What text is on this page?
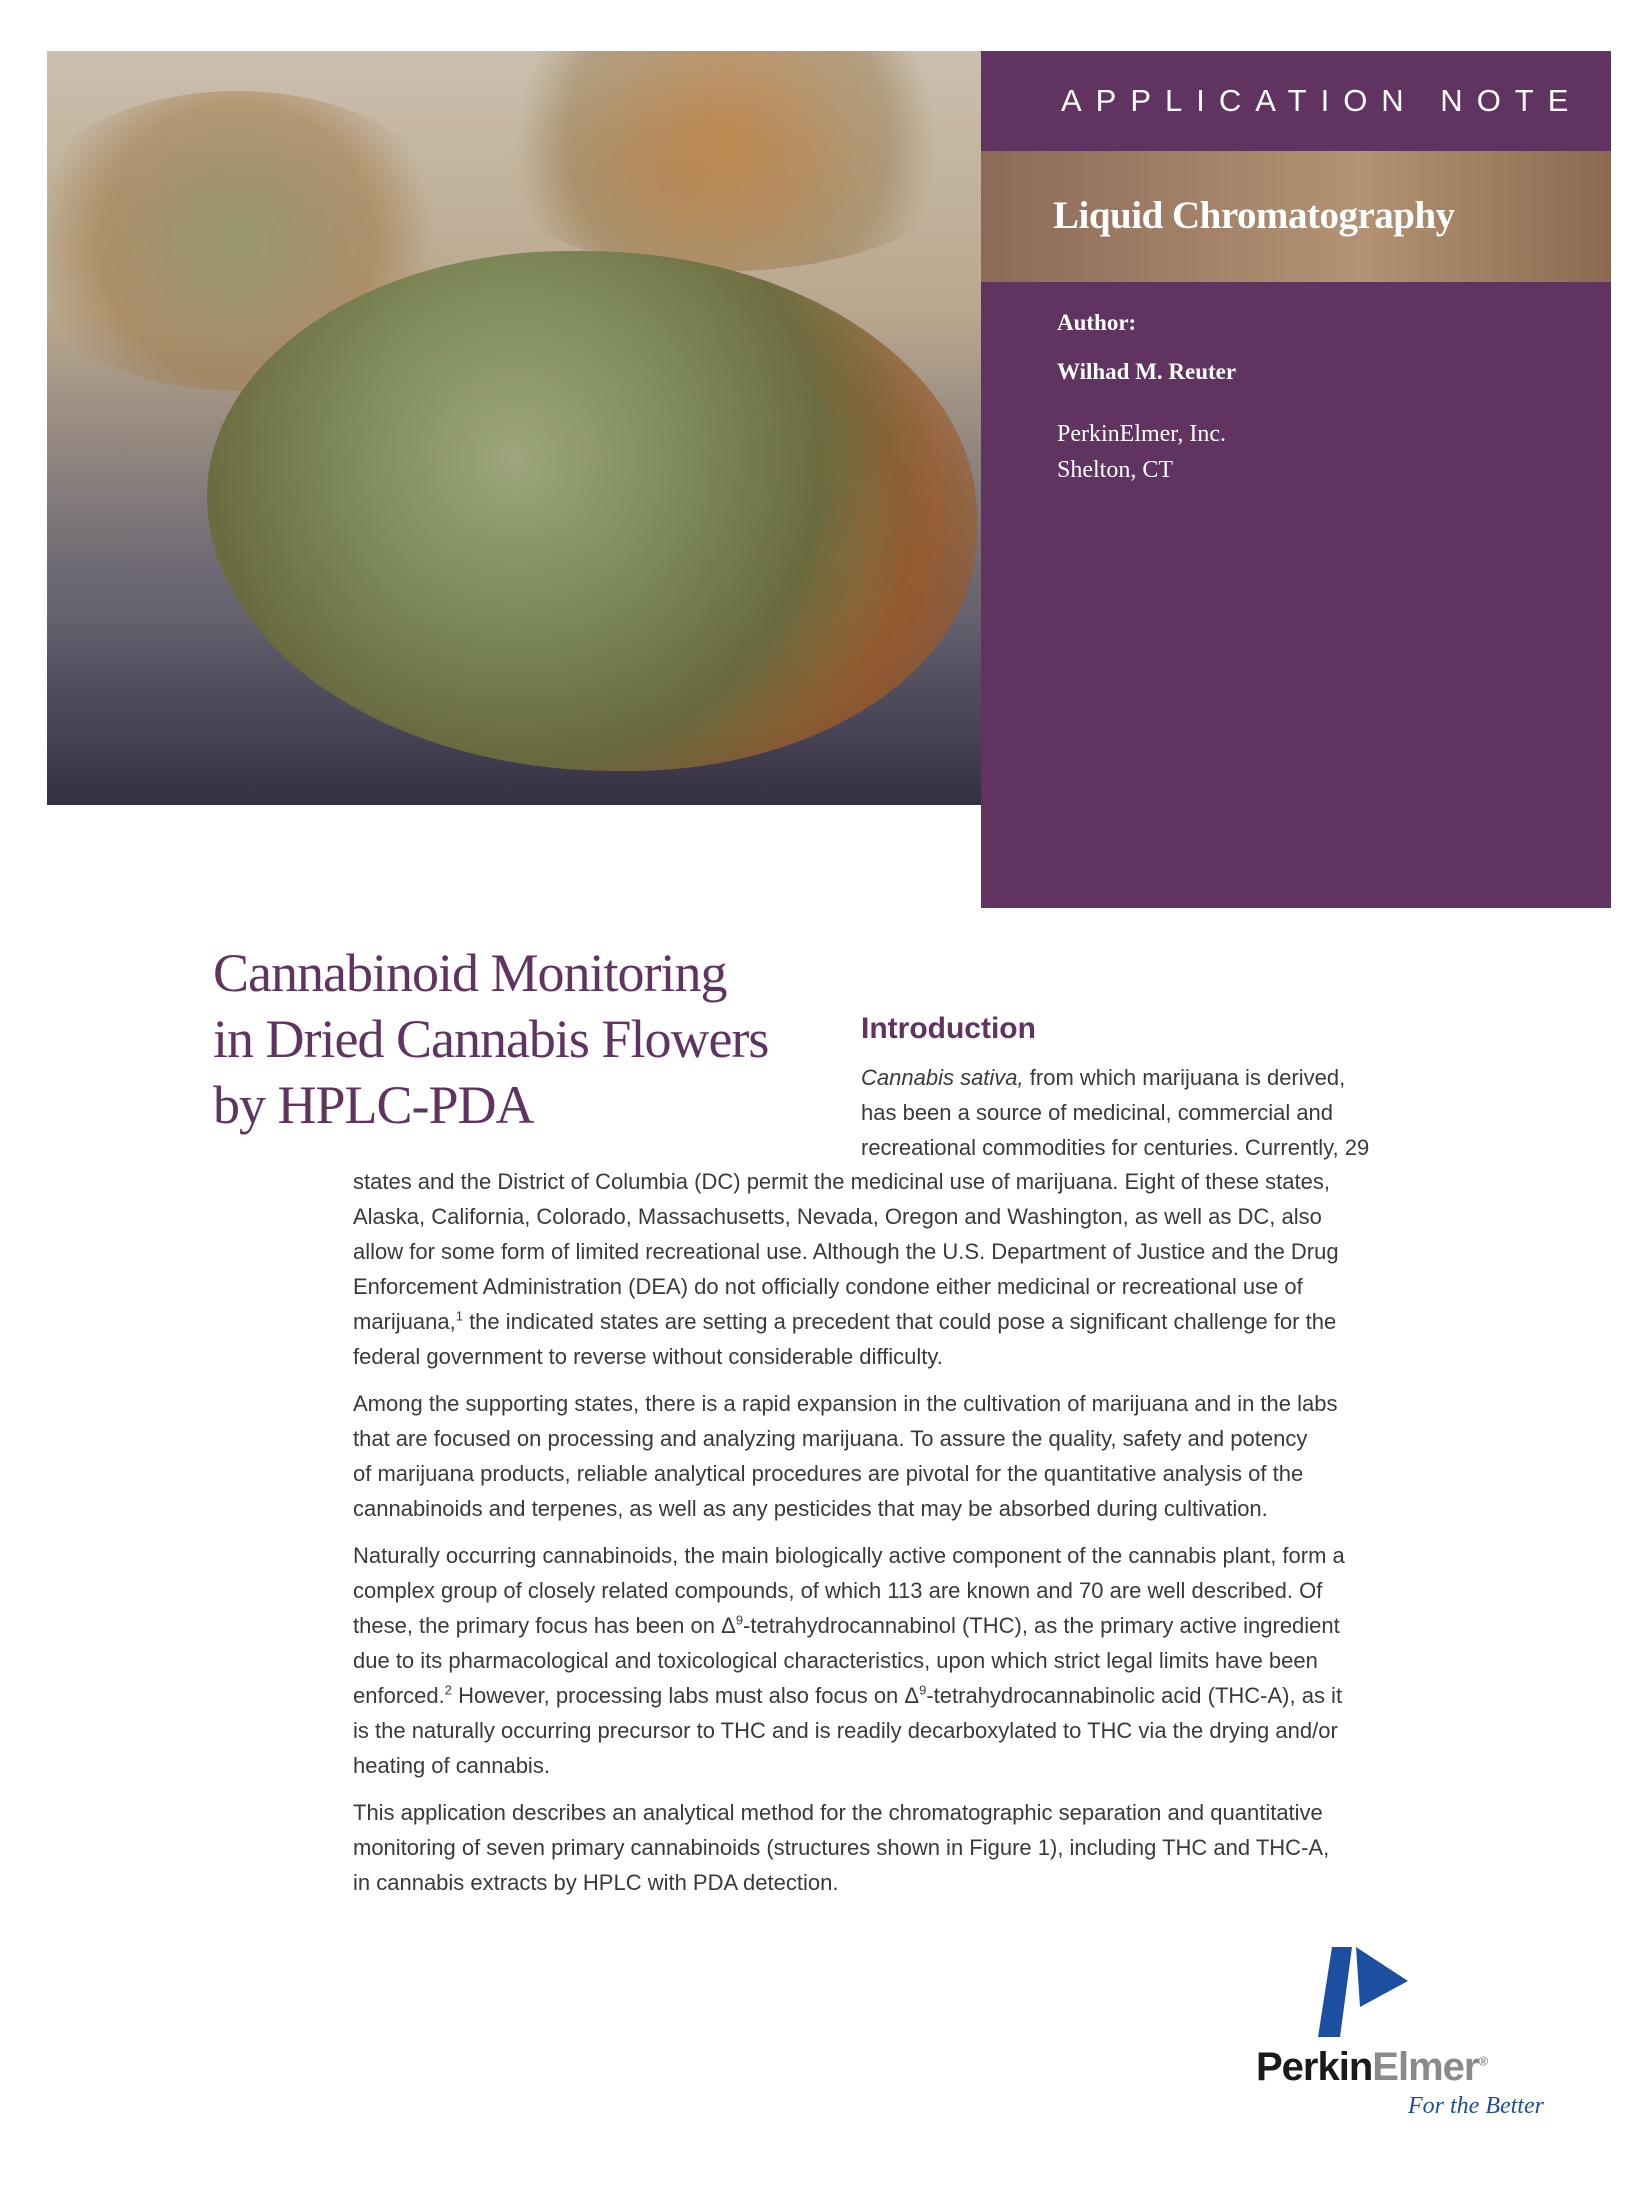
APPLICATION NOTE
Liquid Chromatography
Author:
Wilhad M. Reuter
PerkinElmer, Inc.
Shelton, CT
Cannabinoid Monitoring
in Dried Cannabis Flowers
by HPLC-PDA
Introduction
Cannabis sativa, from which marijuana is derived,
has been a source of medicinal, commercial and
recreational commodities for centuries. Currently, 29

states and the District of Columbia (DC) permit the medicinal use of marijuana. Eight of these states,
Alaska, California, Colorado, Massachusetts, Nevada, Oregon and Washington, as well as DC, also
allow for some form of limited recreational use. Although the U.S. Department of Justice and the Drug
Enforcement Administration (DEA) do not officially condone either medicinal or recreational use of
marijuana,$^1$ the indicated states are setting a precedent that could pose a significant challenge for the
federal government to reverse without considerable difficulty.

Among the supporting states, there is a rapid expansion in the cultivation of marijuana and in the labs
that are focused on processing and analyzing marijuana. To assure the quality, safety and potency
of marijuana products, reliable analytical procedures are pivotal for the quantitative analysis of the
cannabinoids and terpenes, as well as any pesticides that may be absorbed during cultivation.

Naturally occurring cannabinoids, the main biologically active component of the cannabis plant, form a
complex group of closely related compounds, of which 113 are known and 70 are well described. Of
these, the primary focus has been on $\Delta^9$-tetrahydrocannabinol (THC), as the primary active ingredient
due to its pharmacological and toxicological characteristics, upon which strict legal limits have been
enforced.$^2$ However, processing labs must also focus on $\Delta^9$-tetrahydrocannabinolic acid (THC-A), as it
is the naturally occurring precursor to THC and is readily decarboxylated to THC via the drying and/or
heating of cannabis.

This application describes an analytical method for the chromatographic separation and quantitative
monitoring of seven primary cannabinoids (structures shown in Figure 1), including THC and THC-A,
in cannabis extracts by HPLC with PDA detection.

PerkinElmer®
For the Better
